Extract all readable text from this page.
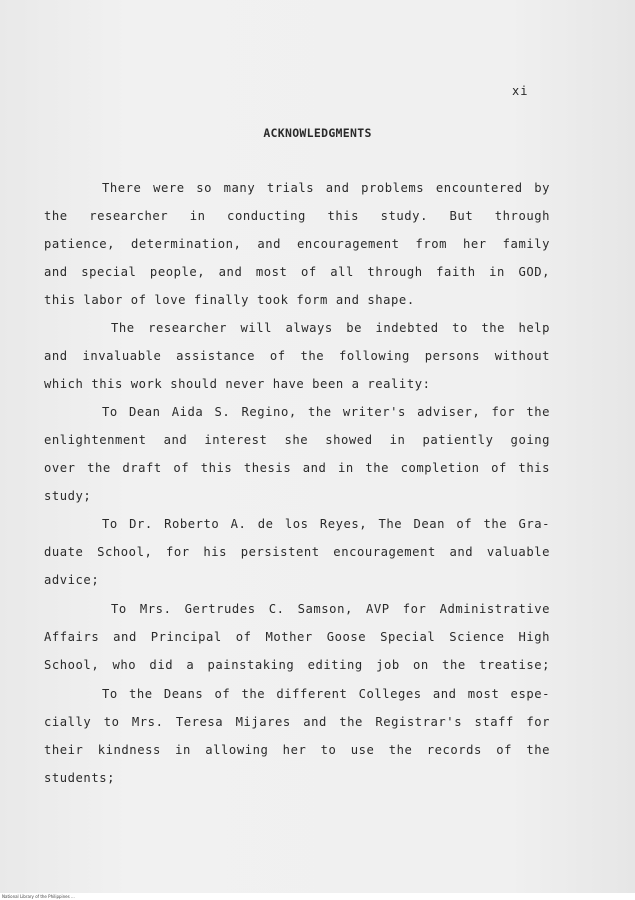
xi
ACKNOWLEDGMENTS
There were so many trials and problems encountered by
the researcher in conducting this study. But through
patience, determination, and encouragement from her family
and special people, and most of all through faith in GOD,
this labor of love finally took form and shape.
The researcher will always be indebted to the help
and invaluable assistance of the following persons without
which this work should never have been a reality:
To Dean Aida S. Regino, the writer's adviser, for the
enlightenment and interest she showed in patiently going
over the draft of this thesis and in the completion of this
study;
To Dr. Roberto A. de los Reyes, The Dean of the Gra-
duate School, for his persistent encouragement and valuable
advice;
To Mrs. Gertrudes C. Samson, AVP for Administrative
Affairs and Principal of Mother Goose Special Science High
School, who did a painstaking editing job on the treatise;
To the Deans of the different Colleges and most espe-
cially to Mrs. Teresa Mijares and the Registrar's staff for
their kindness in allowing her to use the records of the
students;
National Library of the Philippines ...
